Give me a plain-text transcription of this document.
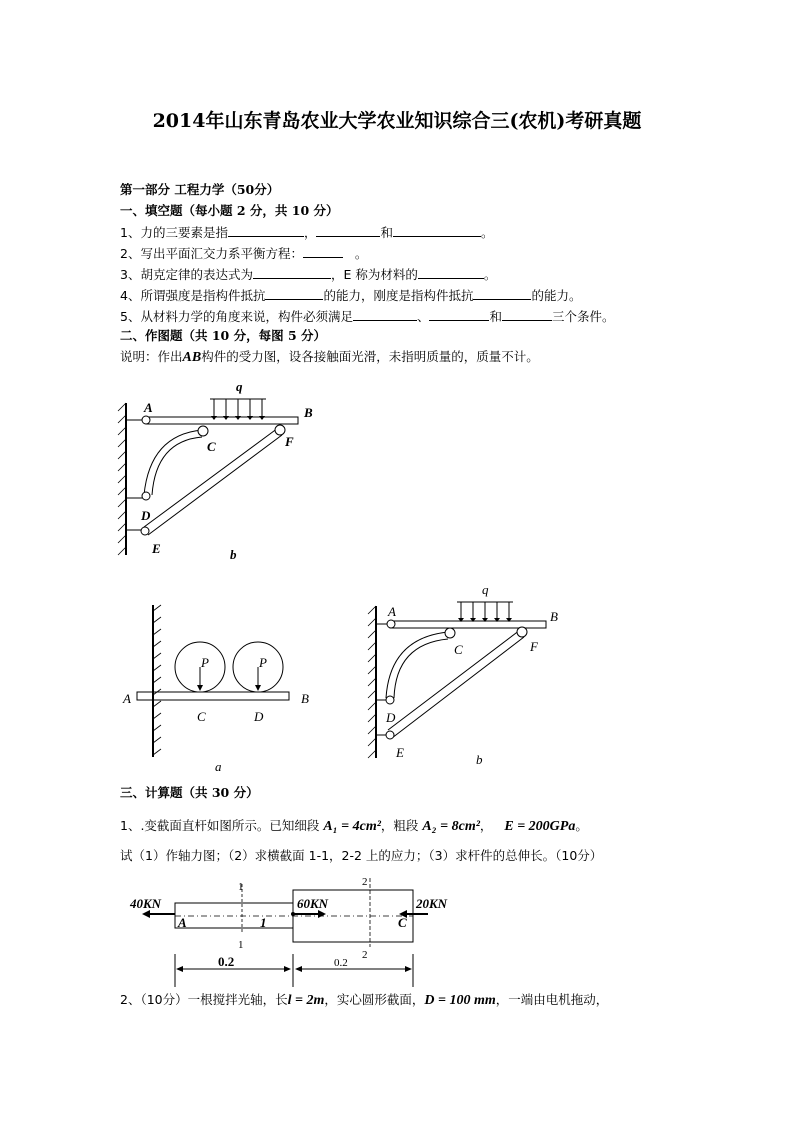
2014年山东青岛农业大学农业知识综合三(农机)考研真题
第一部分 工程力学（50分）
一、填空题（每小题 2 分，共 10 分）
1、力的三要素是指	，	和	。
2、写出平面汇交力系平衡方程：	。
3、胡克定律的表达式为	，E 称为材料的	。
4、所谓强度是指构件抵抗	的能力，刚度是指构件抵抗	的能力。
5、从材料力学的角度来说，构件必须满足	、	和	三个条件。
二、作图题（共 10 分，每图 5 分）
说明：作出AB构件的受力图，设各接触面光滑，未指明质量的，质量不计。
q
A	B
C	F
D
E	b
P	P
A	B
C	D
a
q
A	B
C	F
D
E	b
三、计算题（共 30 分）
1、.变截面直杆如图所示。已知细段 A₁ = 4cm²，粗段 A₂ = 8cm²， E = 200GPa。
试（1）作轴力图；（2）求横截面 1-1，2-2 上的应力；（3）求杆件的总伸长。（10分）
40KN	60KN	20KN
A	1	C
1
1
2
2
0.2	0.2
2、（10分）一根搅拌光轴，长l = 2m，实心圆形截面，D = 100 mm，一端由电机拖动，
